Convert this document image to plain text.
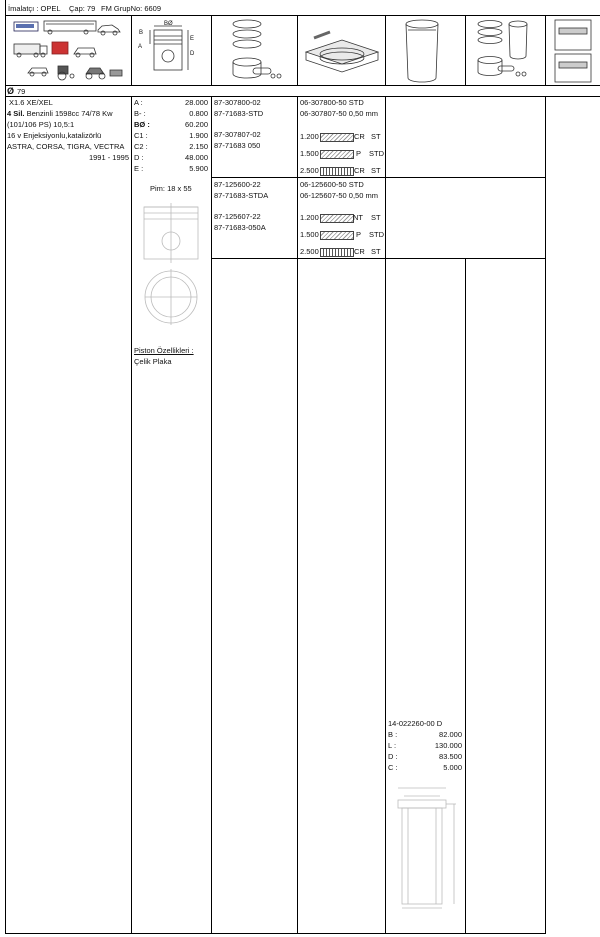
İmalatçı : OPEL Çap: 79 FM GrupNo: 6609
B
A
BØ
E
D
Ø 79
X1.6 XE/XEL
4 Sil. Benzinli 1598cc 74/78 Kw
(101/106 PS) 10,5:1
16 v Enjeksiyonlu,katalizörlü
ASTRA, CORSA, TIGRA, VECTRA
1991 - 1995
A :	28.000
B- :	0.800
BØ :	60.200
C1 :	1.900
C2 :	2.150
D :	48.000
E :	5.900
Pim: 18 x 55
Piston Özellikleri :
Çelik Plaka
87-307800-02
87-71683-STD
87-307807-02
87-71683 050
06-307800-50 STD
06-307807-50 0,50 mm
1.200	CR ST
1.500	P STD
2.500	CR ST
87-125600-22
87-71683-STDA
87-125607-22
87-71683-050A
06-125600-50 STD
06-125607-50 0,50 mm
1.200	NT ST
1.500	P STD
2.500	CR ST
14-022260-00 D
B :	82.000
L :	130.000
D :	83.500
C :	5.000
